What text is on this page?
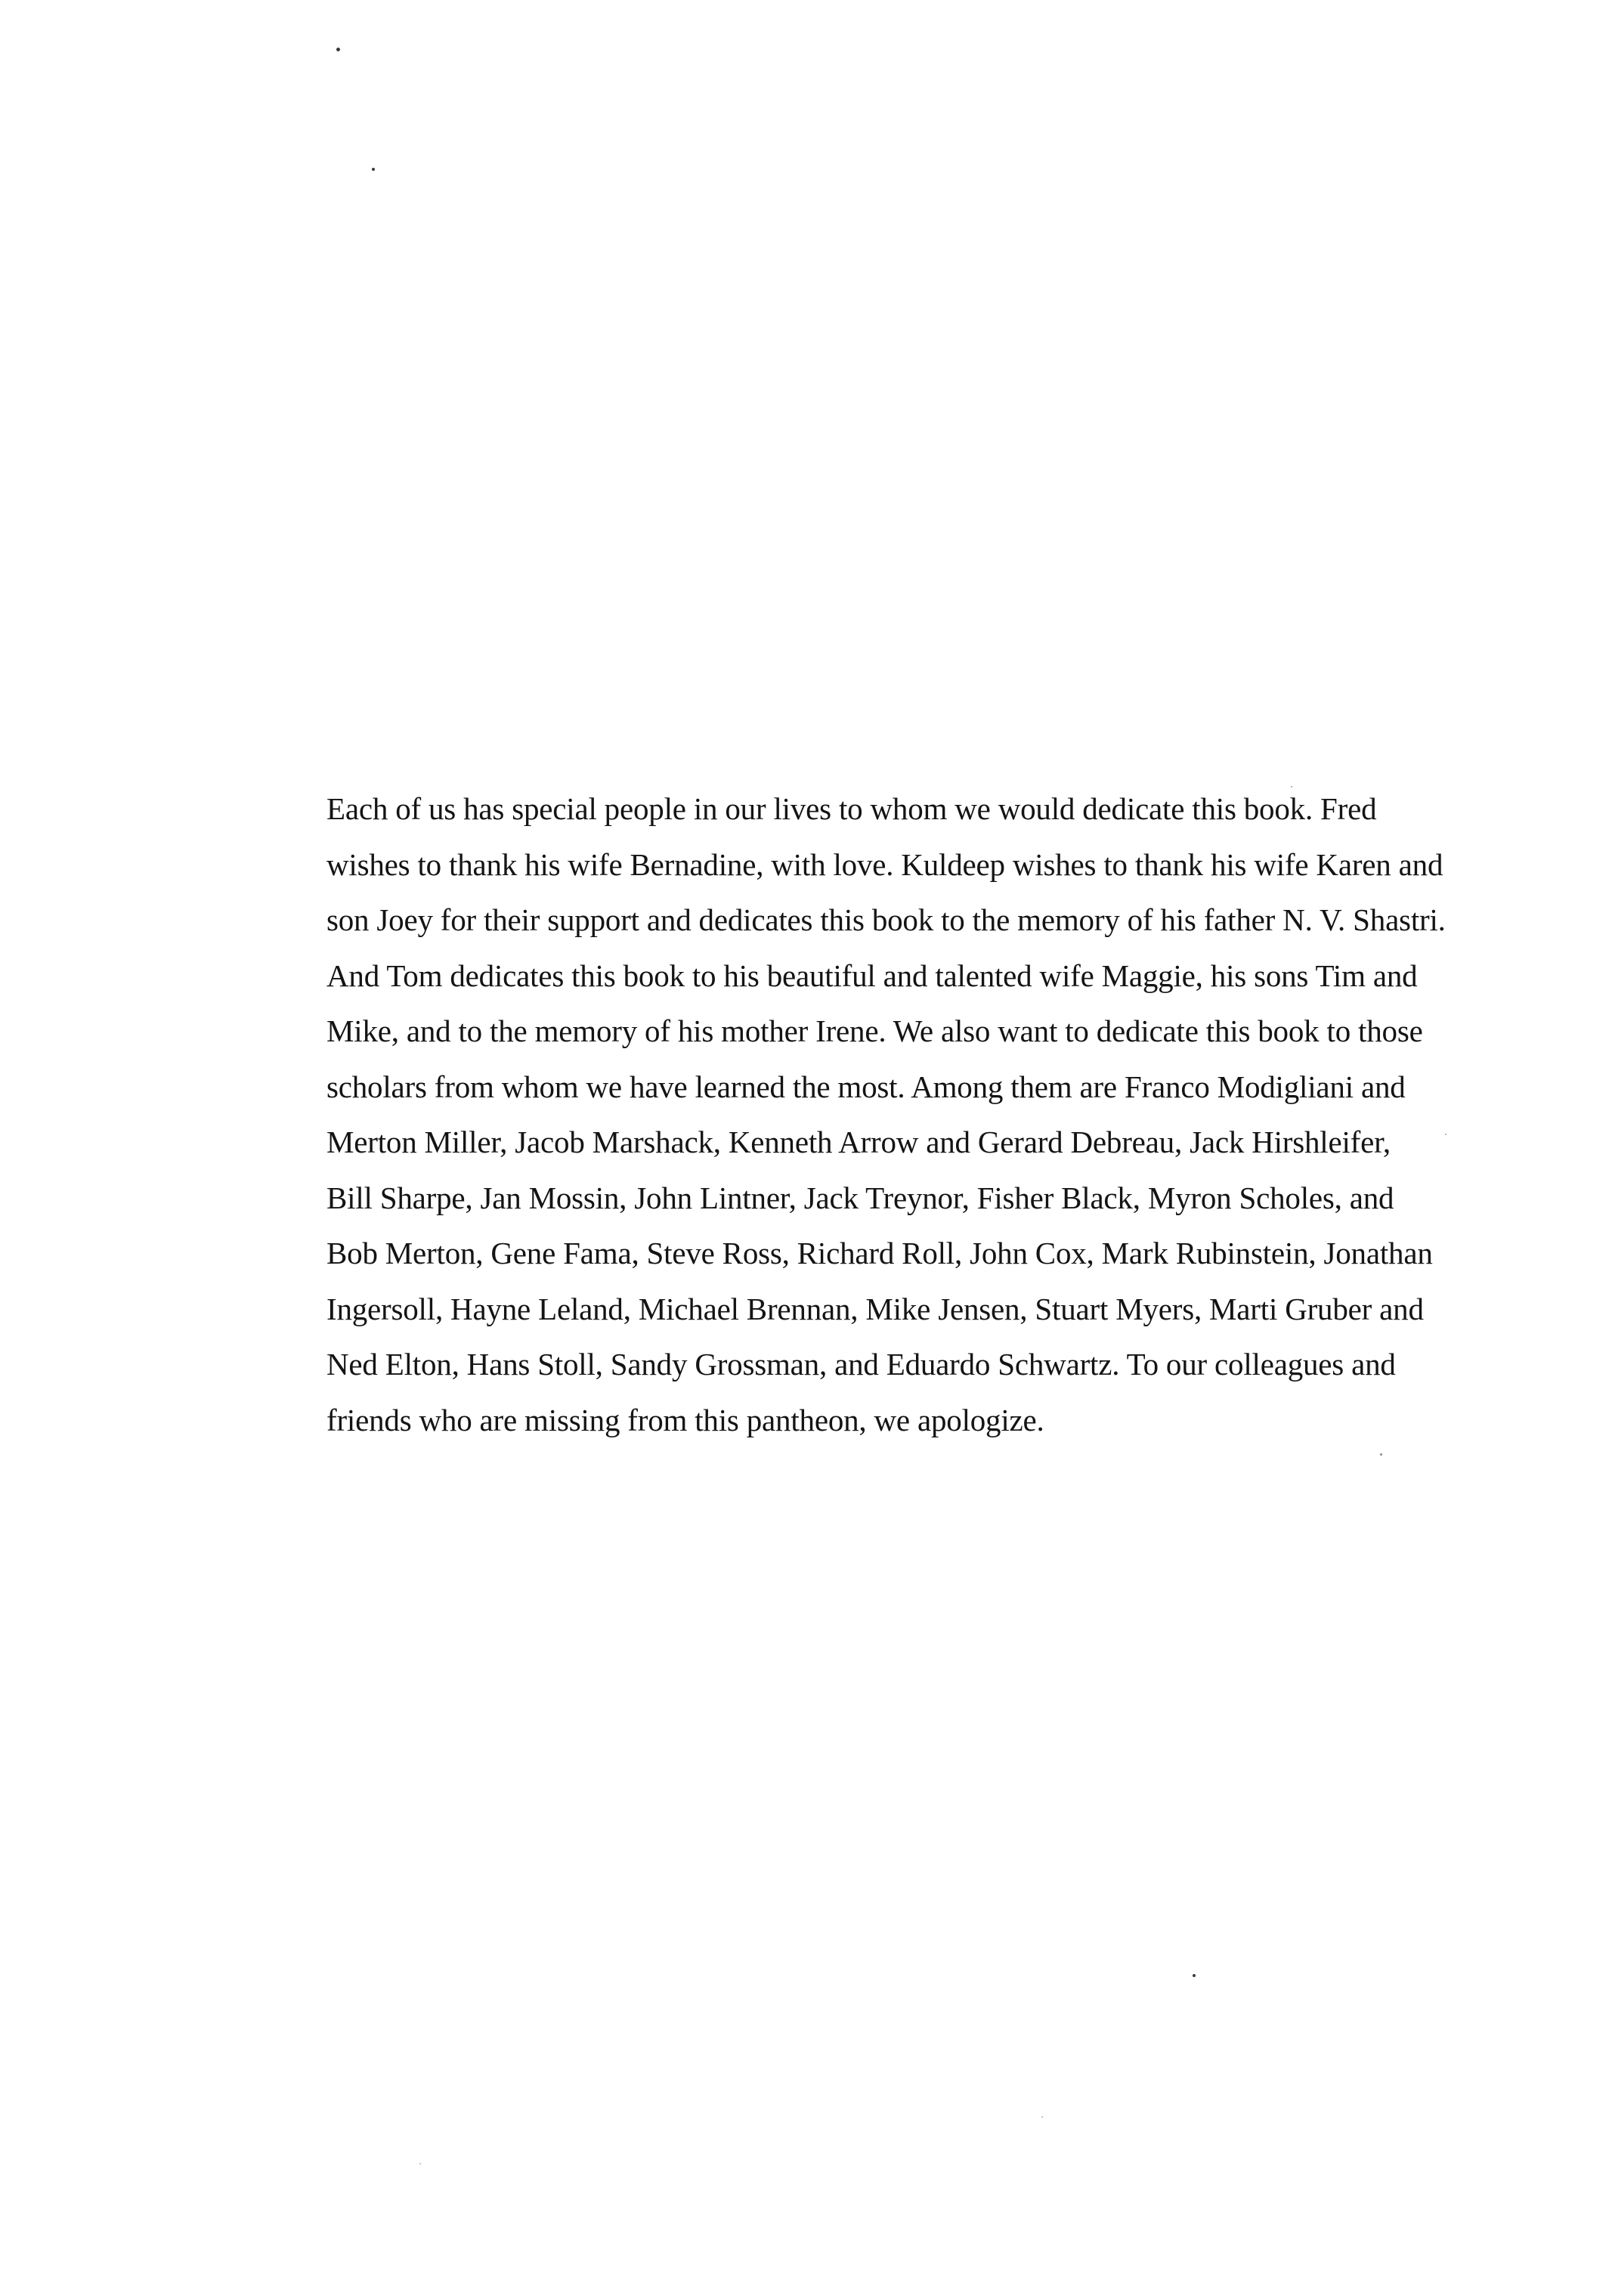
Each of us has special people in our lives to whom we would dedicate this book. Fred
wishes to thank his wife Bernadine, with love. Kuldeep wishes to thank his wife Karen and
son Joey for their support and dedicates this book to the memory of his father N. V. Shastri.
And Tom dedicates this book to his beautiful and talented wife Maggie, his sons Tim and
Mike, and to the memory of his mother Irene. We also want to dedicate this book to those
scholars from whom we have learned the most. Among them are Franco Modigliani and
Merton Miller, Jacob Marshack, Kenneth Arrow and Gerard Debreau, Jack Hirshleifer,
Bill Sharpe, Jan Mossin, John Lintner, Jack Treynor, Fisher Black, Myron Scholes, and
Bob Merton, Gene Fama, Steve Ross, Richard Roll, John Cox, Mark Rubinstein, Jonathan
Ingersoll, Hayne Leland, Michael Brennan, Mike Jensen, Stuart Myers, Marti Gruber and
Ned Elton, Hans Stoll, Sandy Grossman, and Eduardo Schwartz. To our colleagues and
friends who are missing from this pantheon, we apologize.
